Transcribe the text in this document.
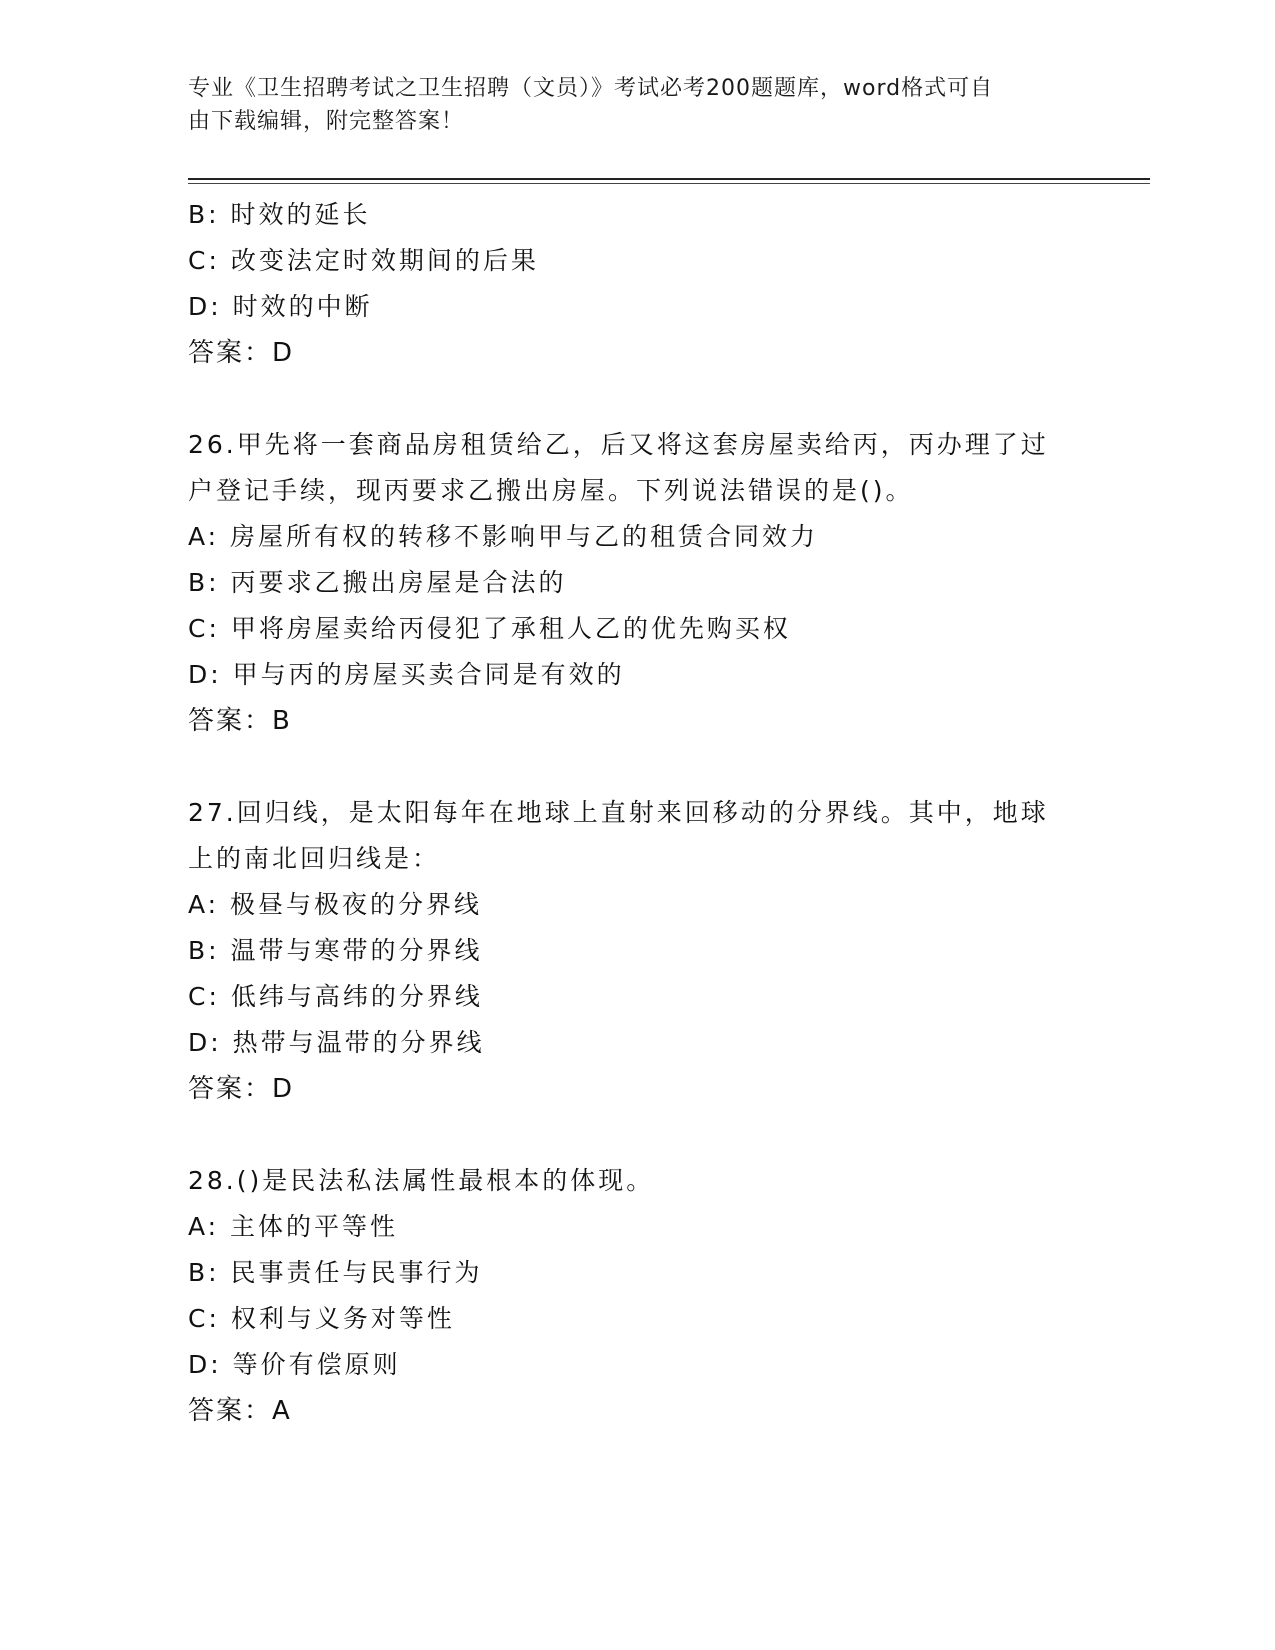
专业《卫生招聘考试之卫生招聘（文员）》考试必考200题题库，word格式可自
由下载编辑，附完整答案！
B: 时效的延长
C: 改变法定时效期间的后果
D: 时效的中断
答案：D
26.甲先将一套商品房租赁给乙，后又将这套房屋卖给丙，丙办理了过
户登记手续，现丙要求乙搬出房屋。下列说法错误的是()。
A: 房屋所有权的转移不影响甲与乙的租赁合同效力
B: 丙要求乙搬出房屋是合法的
C: 甲将房屋卖给丙侵犯了承租人乙的优先购买权
D: 甲与丙的房屋买卖合同是有效的
答案：B
27.回归线，是太阳每年在地球上直射来回移动的分界线。其中，地球
上的南北回归线是：
A: 极昼与极夜的分界线
B: 温带与寒带的分界线
C: 低纬与高纬的分界线
D: 热带与温带的分界线
答案：D
28.()是民法私法属性最根本的体现。
A: 主体的平等性
B: 民事责任与民事行为
C: 权利与义务对等性
D: 等价有偿原则
答案：A
